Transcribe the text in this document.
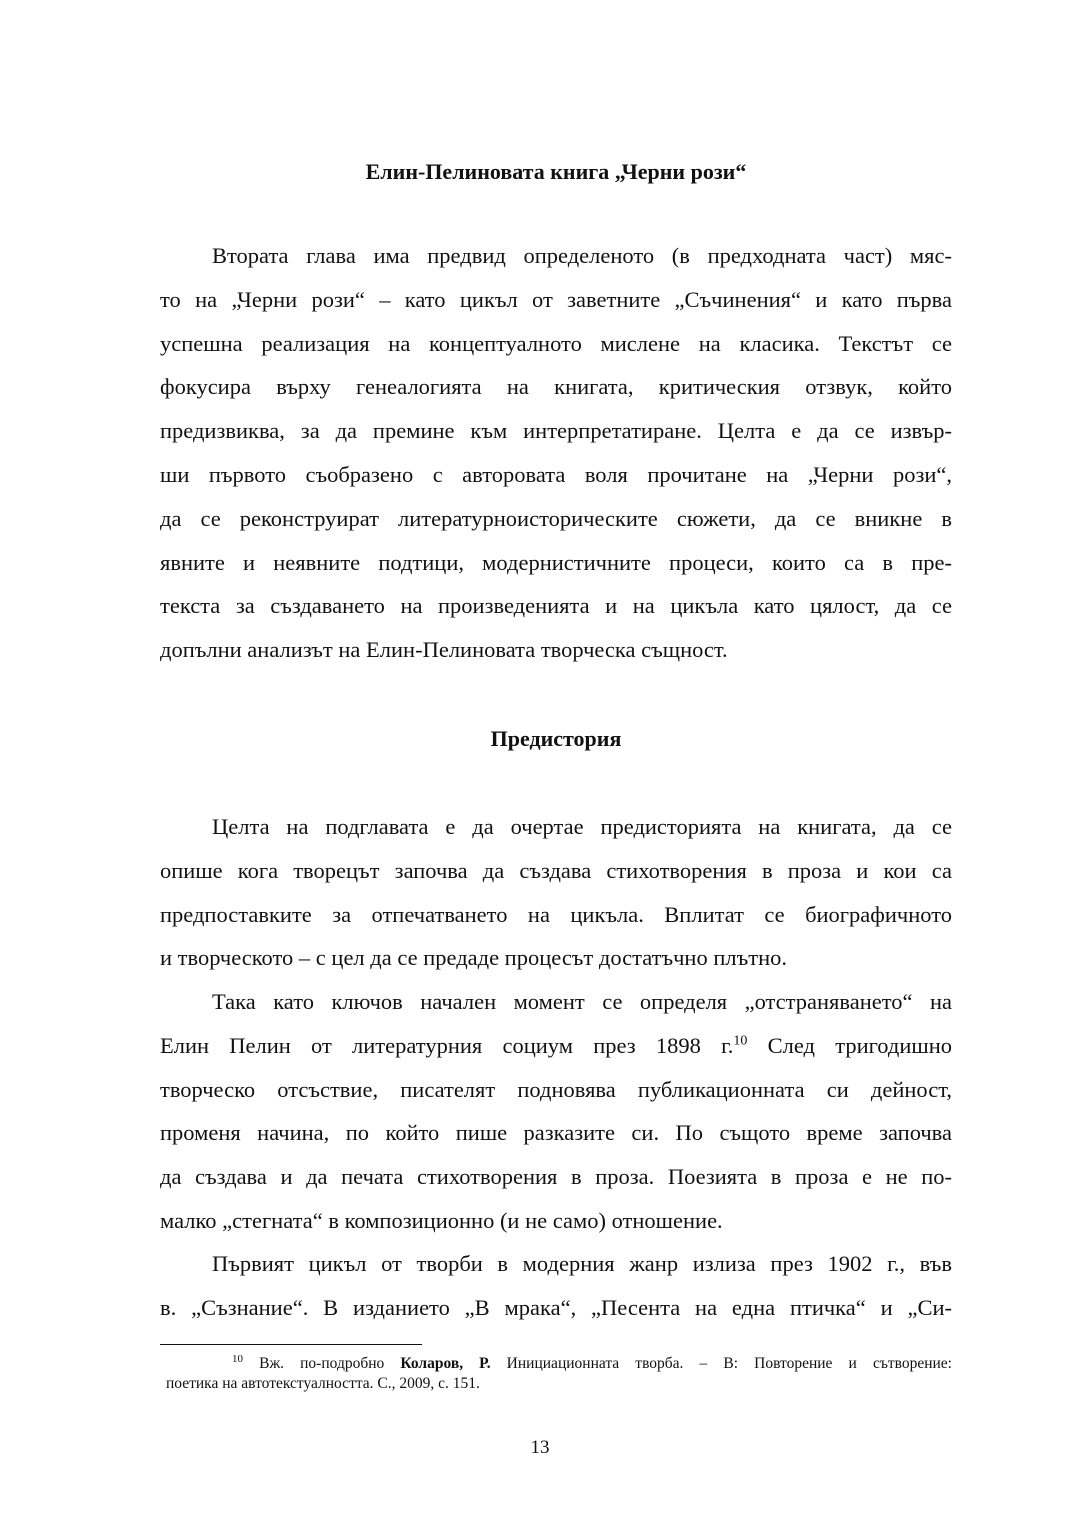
Елин-Пелиновата книга „Черни рози“
Втората глава има предвид определеното (в предходната част) мяс-
то на „Черни рози“ – като цикъл от заветните „Съчинения“ и като първа
успешна реализация на концептуалното мислене на класика. Текстът се
фокусира върху генеалогията на книгата, критическия отзвук, който
предизвиква, за да премине към интерпретатиране. Целта е да се извър-
ши първото съобразено с авторовата воля прочитане на „Черни рози“,
да се реконструират литературноисторическите сюжети, да се вникне в
явните и неявните подтици, модернистичните процеси, които са в пре-
текста за създаването на произведенията и на цикъла като цялост, да се
допълни анализът на Елин-Пелиновата творческа същност.
Предистория
Целта на подглавата е да очертае предисторията на книгата, да се
опише кога творецът започва да създава стихотворения в проза и кои са
предпоставките за отпечатването на цикъла. Вплитат се биографичното
и творческото – с цел да се предаде процесът достатъчно плътно.
Така като ключов начален момент се определя „отстраняването“ на
Елин Пелин от литературния социум през 1898 г.$^{10}$ След тригодишно
творческо отсъствие, писателят подновява публикационната си дейност,
променя начина, по който пише разказите си. По същото време започва
да създава и да печата стихотворения в проза. Поезията в проза е не по-
малко „стегната“ в композиционно (и не само) отношение.
Първият цикъл от творби в модерния жанр излиза през 1902 г., във
в. „Съзнание“. В изданието „В мрака“, „Песента на една птичка“ и „Си-
$^{10}$ Вж. по-подробно Коларов, Р. Инициационната творба. – В: Повторение и сътворение:
поетика на автотекстуалността. С., 2009, с. 151.
13
